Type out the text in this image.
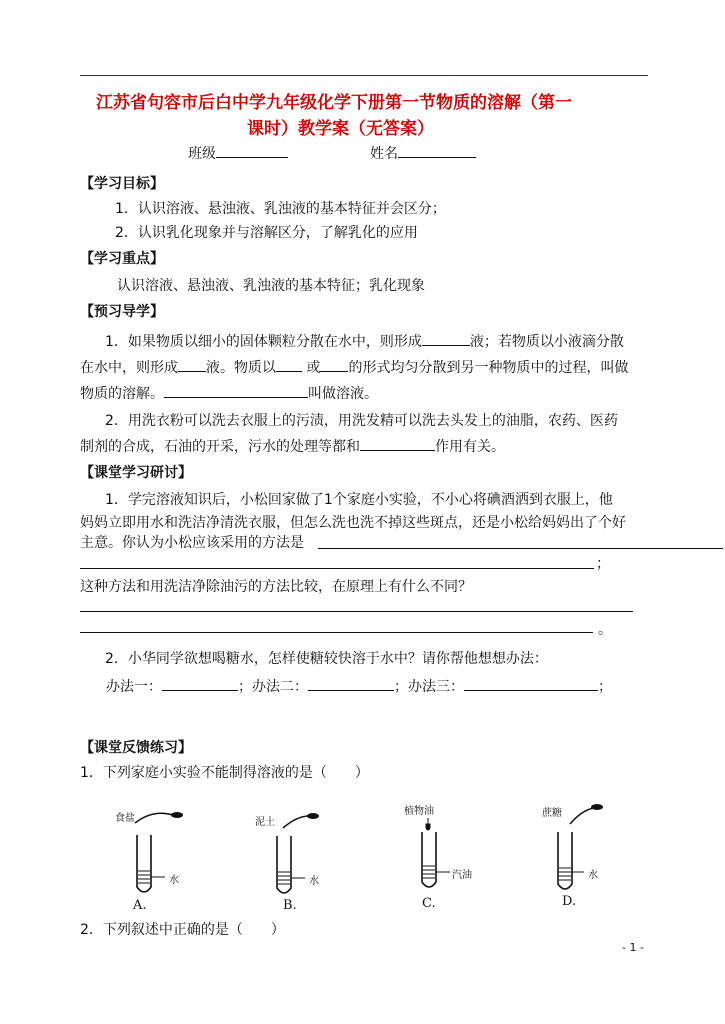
江苏省句容市后白中学九年级化学下册第一节物质的溶解（第一
课时）教学案（无答案）
班级	姓名
【学习目标】
1．认识溶液、悬浊液、乳浊液的基本特征并会区分；
2．认识乳化现象并与溶解区分，了解乳化的应用
【学习重点】
认识溶液、悬浊液、乳浊液的基本特征；乳化现象
【预习导学】
1．如果物质以细小的固体颗粒分散在水中，则形成	液；若物质以小液滴分散
在水中，则形成 液。物质以 或 的形式均匀分散到另一种物质中的过程，叫做
物质的溶解。	叫做溶液。
2．用洗衣粉可以洗去衣服上的污渍，用洗发精可以洗去头发上的油脂，农药、医药
制剂的合成，石油的开采，污水的处理等都和	作用有关。
【课堂学习研讨】
1．学完溶液知识后，小松回家做了1个家庭小实验，不小心将碘酒洒到衣服上，他
妈妈立即用水和洗洁净清洗衣服，但怎么洗也洗不掉这些斑点，还是小松给妈妈出了个好
主意。你认为小松应该采用的方法是
；
这种方法和用洗洁净除油污的方法比较，在原理上有什么不同？
。
2．小华同学欲想喝糖水，怎样使糖较快溶于水中？请你帮他想想办法：
办法一：	；办法二：	；办法三：	；
【课堂反馈练习】
1．下列家庭小实验不能制得溶液的是（　　）
食盐
水
A.
泥土
水
B.
植物油
汽油
C.
蔗糖
水
D.
2．下列叙述中正确的是（　　）
- 1 -
